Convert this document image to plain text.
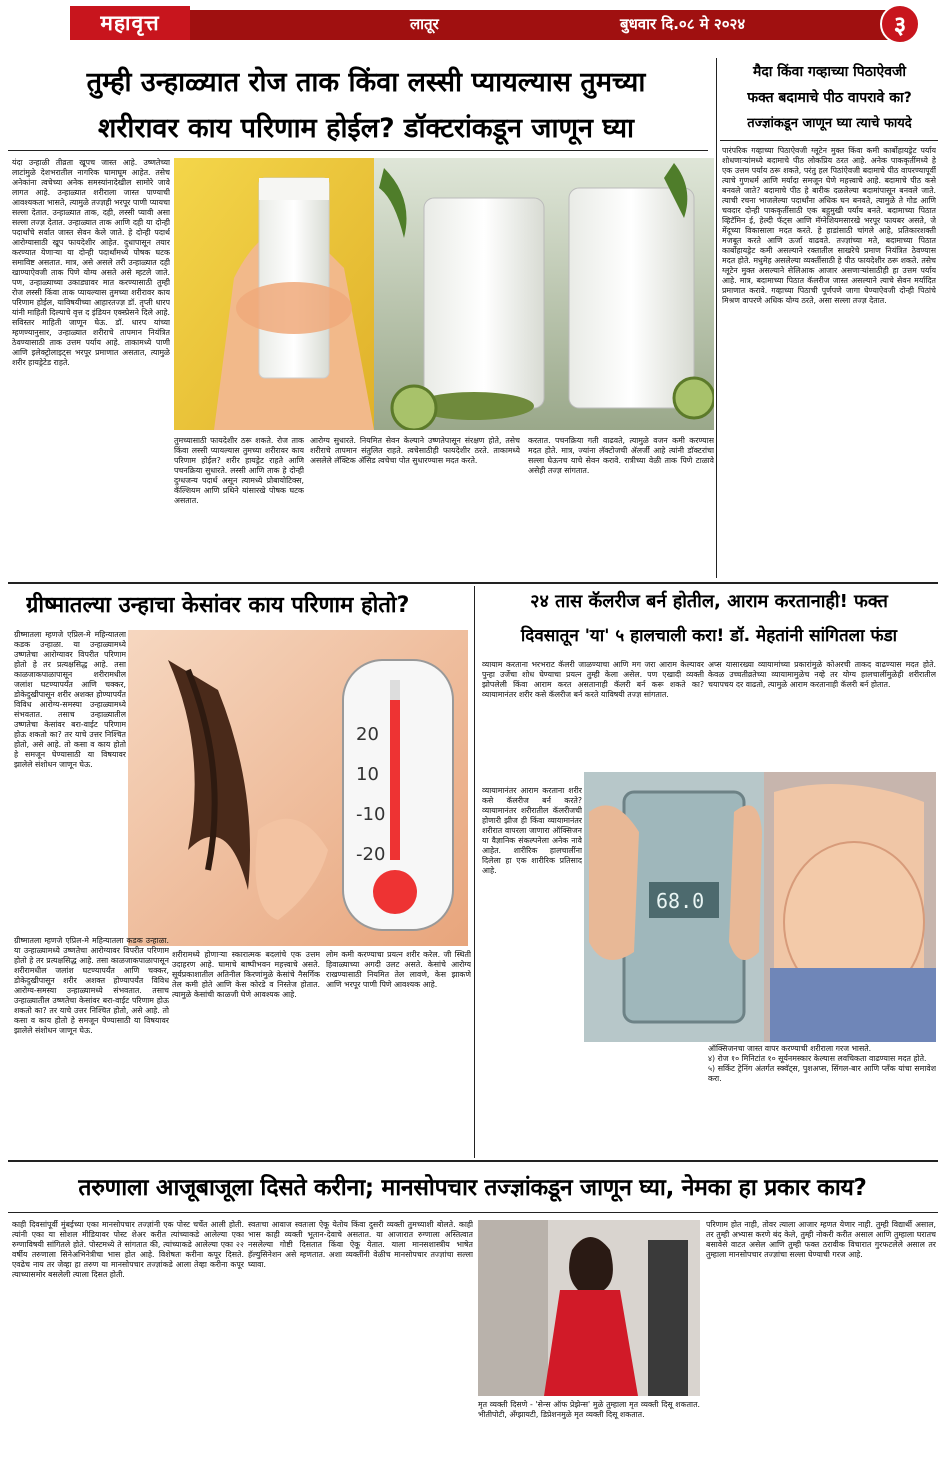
महावृत्त	लातूर	बुधवार दि.०८ मे २०२४	३
तुम्ही उन्हाळ्यात रोज ताक किंवा लस्सी प्यायल्यास तुमच्या
शरीरावर काय परिणाम होईल? डॉक्टरांकडून जाणून घ्या
यंदा उन्हाळी तीव्रता खूपच जास्त आहे. उष्णतेच्या लाटांमुळे देशभरातील नागरिक घामाघूम आहेत. तसेच अनेकांना त्वचेच्या अनेक समस्यांनादेखील सामोरे जावे लागत आहे. उन्हाळ्यात शरीराला जास्त पाण्याची आवश्यकता भासते, त्यामुळे तज्ज्ञही भरपूर पाणी प्यायचा सल्ला देतात. उन्हाळ्यात ताक, दही, लस्सी प्यावी असा सल्ला तज्ज्ञ देतात. उन्हाळ्यात ताक आणि दही या दोन्ही पदार्थांचे सर्वात जास्त सेवन केले जाते. हे दोन्ही पदार्थ आरोग्यासाठी खूप फायदेशीर आहेत. दुधापासून तयार करण्यात येणाऱ्या या दोन्ही पदार्थांमध्ये पोषक घटक समाविष्ट असतात. मात्र, असे असले तरी उन्हाळ्यात दही खाण्याऐवजी ताक पिणे योग्य असते असे म्हटले जाते. पण, उन्हाळ्याच्या उकाड्यावर मात करण्यासाठी तुम्ही रोज लस्सी किंवा ताक प्यायल्यास तुमच्या शरीरावर काय परिणाम होईल, याविषयीच्या आहारतज्ज्ञ डॉ. तृप्ती धारप यांनी माहिती दिल्याचे वृत्त द इंडियन एक्स्प्रेसने दिले आहे. सविस्तर माहिती जाणून घेऊ. डॉ. धारप यांच्या म्हणण्यानुसार, उन्हाळ्यात शरीराचे तापमान नियंत्रित ठेवण्यासाठी ताक उत्तम पर्याय आहे. ताकामध्ये पाणी आणि इलेक्ट्रोलाइट्स भरपूर प्रमाणात असतात, त्यामुळे शरीर हायड्रेटेड राहते.
तुमच्यासाठी फायदेशीर ठरू शकते. रोज ताक किंवा लस्सी प्यायल्यास तुमच्या शरीरावर काय परिणाम होईल? शरीर हायड्रेट राहते आणि पचनक्रिया सुधारते. लस्सी आणि ताक हे दोन्ही दुग्धजन्य पदार्थ असून त्यामध्ये प्रोबायोटिक्स, कॅल्शियम आणि प्रथिने यांसारखे पोषक घटक असतात.
आरोग्य सुधारते. नियमित सेवन केल्याने उष्णतेपासून संरक्षण होते, तसेच शरीराचे तापमान संतुलित राहते. त्वचेसाठीही फायदेशीर ठरते. ताकामध्ये असलेले लॅक्टिक अ‍ॅसिड त्वचेचा पोत सुधारण्यास मदत करते.
करतात. पचनक्रिया गती वाढवते, त्यामुळे वजन कमी करण्यास मदत होते. मात्र, ज्यांना लॅक्टोजची ॲलर्जी आहे त्यांनी डॉक्टरांचा सल्ला घेऊनच याचे सेवन करावे. रात्रीच्या वेळी ताक पिणे टाळावे असेही तज्ज्ञ सांगतात.
मैदा किंवा गव्हाच्या पिठाऐवजी
फक्त बदामाचे पीठ वापरावे का?
तज्ज्ञांकडून जाणून घ्या त्याचे फायदे
पारंपरिक गव्हाच्या पिठाऐवजी ग्लूटेन मुक्त किंवा कमी कार्बोहायड्रेट पर्याय शोधणाऱ्यांमध्ये बदामाचे पीठ लोकप्रिय ठरत आहे. अनेक पाककृतींमध्ये हे एक उत्तम पर्याय ठरू शकते, परंतु हल पिठांऐवजी बदामाचे पीठ वापरण्यापूर्वी त्याचे गुणधर्म आणि मर्यादा समजून घेणे महत्त्वाचे आहे. बदामाचे पीठ कसे बनवले जाते? बदामाचे पीठ हे बारीक दळलेल्या बदामांपासून बनवले जाते. त्याची रचना भाजलेल्या पदार्थांना अधिक घन बनवते, त्यामुळे ते गोड आणि चवदार दोन्ही पाककृतींसाठी एक बहुमुखी पर्याय बनते. बदामाच्या पिठात व्हिटॅमिन ई, हेल्दी फॅट्स आणि मॅग्नेशियमसारखे भरपूर फायबर असते, जे मेंदूच्या विकासाला मदत करते. हे हाडांसाठी चांगले आहे, प्रतिकारशक्ती मजबूत करते आणि ऊर्जा वाढवते. तज्ज्ञांच्या मते, बदामाच्या पिठात कार्बोहायड्रेट कमी असल्याने रक्तातील साखरेचे प्रमाण नियंत्रित ठेवण्यास मदत होते. मधुमेह असलेल्या व्यक्तींसाठी हे पीठ फायदेशीर ठरू शकते. तसेच ग्लूटेन मुक्त असल्याने सेलिआक आजार असणाऱ्यांसाठीही हा उत्तम पर्याय आहे. मात्र, बदामाच्या पिठात कॅलरीज जास्त असल्याने त्याचे सेवन मर्यादित प्रमाणात करावे. गव्हाच्या पिठाची पूर्णपणे जागा घेण्याऐवजी दोन्ही पिठांचे मिश्रण वापरणे अधिक योग्य ठरते, असा सल्ला तज्ज्ञ देतात.
ग्रीष्मातल्या उन्हाचा केसांवर काय परिणाम होतो?
ग्रीष्मातला म्हणजे एप्रिल-मे महिन्यातला कडक उन्हाळा. या उन्हाळ्यामध्ये उष्णतेचा आरोग्यावर विपरीत परिणाम होतो हे तर प्रत्यक्षसिद्ध आहे. तसा काळजाकपाळापासून शरीरामधील जलांश घटण्यापर्यंत आणि चक्कर, डोकेदुखीपासून शरीर अशक्त होण्यापर्यंत विविध आरोग्य-समस्या उन्हाळ्यामध्ये संभवतात. तसाच उन्हाळ्यातील उष्णतेचा केसांवर बरा-वाईट परिणाम होऊ शकतो का? तर याचे उत्तर निश्चित होतो, असे आहे. तो कसा व काय होतो हे समजून घेण्यासाठी या विषयावर झालेले संशोधन जाणून घेऊ.
20
10
-10
-20
ग्रीष्मातला म्हणजे एप्रिल-मे महिन्यातला कडक उन्हाळा. या उन्हाळ्यामध्ये उष्णतेचा आरोग्यावर विपरीत परिणाम होतो हे तर प्रत्यक्षसिद्ध आहे. तसा काळजाकपाळापासून शरीरामधील जलांश घटण्यापर्यंत आणि चक्कर, डोकेदुखीपासून शरीर अशक्त होण्यापर्यंत विविध आरोग्य-समस्या उन्हाळ्यामध्ये संभवतात. तसाच उन्हाळ्यातील उष्णतेचा केसांवर बरा-वाईट परिणाम होऊ शकतो का? तर याचे उत्तर निश्चित होतो, असे आहे. तो कसा व काय होतो हे समजून घेण्यासाठी या विषयावर झालेले संशोधन जाणून घेऊ.
शरीरामध्ये होणाऱ्या स्कारात्मक बदलांचे एक उत्तम उदाहरण आहे. घामाचे बाष्पीभवन महत्त्वाचे असते. सूर्यप्रकाशातील अतिनील किरणांमुळे केसांचे नैसर्गिक तेल कमी होते आणि केस कोरडे व निस्तेज होतात. त्यामुळे केसांची काळजी घेणे आवश्यक आहे.
लोम कमी करण्याचा प्रयत्न शरीर करेल. जी स्थिती हिवाळ्याच्या अगदी उलट असते. केसांचे आरोग्य राखण्यासाठी नियमित तेल लावणे, केस झाकणे आणि भरपूर पाणी पिणे आवश्यक आहे.
२४ तास कॅलरीज बर्न होतील, आराम करतानाही! फक्त
दिवसातून 'या' ५ हालचाली करा! डॉ. मेहतांनी सांगितला फंडा
व्यायाम करताना भरभराट कॅलरी जाळण्याचा आणि मग जरा आराम केल्यावर पुन्हा उर्जेचा शोध घेण्याचा प्रयत्न तुम्ही केला असेल. पण एखादी व्यक्ती झोपलेली किंवा आराम करत असतानाही कॅलरी बर्न करू शकते का? व्यायामानंतर शरीर कसे कॅलरीज बर्न करते याविषयी तज्ज्ञ सांगतात.
अप्स यासारख्या व्यायामांच्या प्रकारांमुळे कोअरची ताकद वाढण्यास मदत होते. केवळ उच्चतीव्रतेच्या व्यायामामुळेच नव्हे तर योग्य हालचालींमुळेही शरीरातील चयापचय दर वाढतो, त्यामुळे आराम करतानाही कॅलरी बर्न होतात.
व्यायामानंतर आराम करताना शरीर कसे कॅलरीज बर्न करते? व्यायामानंतर शरीरातील कॅलरीजची होणारी झीज ही किंवा व्यायामानंतर शरीरात वापरला जाणारा ऑक्सिजन या वैज्ञानिक संकल्पनेला अनेक नावे आहेत. शारीरिक हालचालींना दिलेला हा एक शारीरिक प्रतिसाद आहे.
68.0
ऑक्सिजनचा जास्त वापर करण्याची शरीराला गरज भासते.
४) रोज १० मिनिटांत १० सूर्यनमस्कार केल्यास लवचिकता वाढण्यास मदत होते.
५) सर्किट ट्रेनिंग अंतर्गत स्क्वॅट्स, पुशअप्स, सिंगल-बार आणि प्लँक यांचा समावेश करा.
तरुणाला आजूबाजूला दिसते करीना; मानसोपचार तज्ज्ञांकडून जाणून घ्या, नेमका हा प्रकार काय?
काही दिवसांपूर्वी मुंबईच्या एका मानसोपचार तज्ज्ञांनी एक पोस्ट चर्चेत आली होती. त्यांनी एका या सोशल मीडियावर पोस्ट शेअर करीत त्यांच्याकडे आलेल्या एका रुग्णाविषयी सांगितले होते. पोस्टमध्ये ते सांगतात की, त्यांच्याकडे आलेल्या एका २२ वर्षीय तरुणाला सिनेअभिनेत्रीचा भास होत आहे. विशेषतः करीना कपूर दिसते. एवढेच नाय तर जेव्हा हा तरुण या मानसोपचार तज्ज्ञांकडे आला तेव्हा करीना कपूर त्याच्यासमोर बसलेली त्याला दिसत होती.
स्वतःचा आवाज स्वतःला ऐकू येतोय किंवा दुसरी व्यक्ती तुमच्याशी बोलते. काही भास काही व्यक्ती भूतान-देवाचे असतात. या आजारात रुग्णाला अस्तित्वात नसलेल्या गोष्टी दिसतात किंवा ऐकू येतात. याला मानसशास्त्रीय भाषेत हॅल्युसिनेशन असे म्हणतात. अशा व्यक्तींनी वेळीच मानसोपचार तज्ज्ञांचा सल्ला घ्यावा.
मृत व्यक्ती दिसणे - 'सेन्स ऑफ प्रेझेन्स' मुळे तुम्हाला मृत व्यक्ती दिसू शकतात. भीतीपोटी, अँग्झायटी, डिप्रेशनमुळे मृत व्यक्ती दिसू शकतात.
परिणाम होत नाही, तोवर त्याला आजार म्हणत येणार नाही. तुम्ही विद्यार्थी असाल, तर तुम्ही अभ्यास करणे बंद केले, तुम्ही नोकरी करीत असाल आणि तुम्हाला घरातच बसावेसे वाटत असेल आणि तुम्ही फक्त ठरावीक विचारात गुरफटलेले असाल तर तुम्हाला मानसोपचार तज्ज्ञांचा सल्ला घेण्याची गरज आहे.
